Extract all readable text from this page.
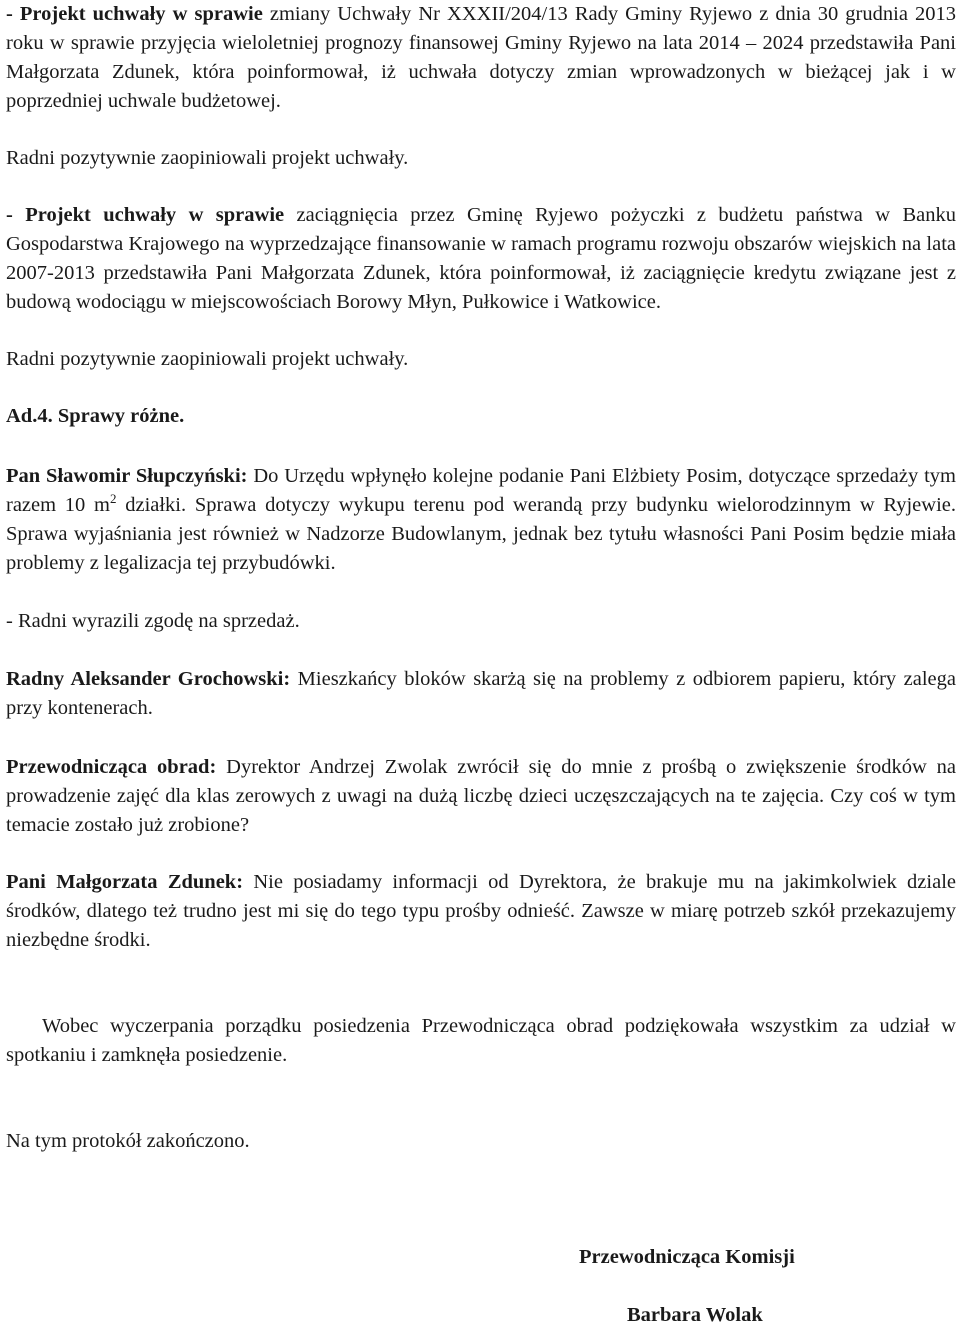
- Projekt uchwały w sprawie zmiany Uchwały Nr XXXII/204/13 Rady Gminy Ryjewo z dnia 30 grudnia 2013 roku w sprawie przyjęcia wieloletniej prognozy finansowej Gminy Ryjewo na lata 2014 – 2024 przedstawiła Pani Małgorzata Zdunek, która poinformował, iż uchwała dotyczy zmian wprowadzonych w bieżącej jak i w poprzedniej uchwale budżetowej.

Radni pozytywnie zaopiniowali projekt uchwały.

- Projekt uchwały w sprawie zaciągnięcia przez Gminę Ryjewo pożyczki z budżetu państwa w Banku Gospodarstwa Krajowego na wyprzedzające finansowanie w ramach programu rozwoju obszarów wiejskich na lata 2007-2013 przedstawiła Pani Małgorzata Zdunek, która poinformował, iż zaciągnięcie kredytu związane jest z budową wodociągu w miejscowościach Borowy Młyn, Pułkowice i Watkowice.

Radni pozytywnie zaopiniowali projekt uchwały.

Ad.4. Sprawy różne.

Pan Sławomir Słupczyński: Do Urzędu wpłynęło kolejne podanie Pani Elżbiety Posim, dotyczące sprzedaży tym razem 10 $m^2$ działki. Sprawa dotyczy wykupu terenu pod werandą przy budynku wielorodzinnym w Ryjewie. Sprawa wyjaśniania jest również w Nadzorze Budowlanym, jednak bez tytułu własności Pani Posim będzie miała problemy z legalizacja tej przybudówki.

- Radni wyrazili zgodę na sprzedaż.

Radny Aleksander Grochowski: Mieszkańcy bloków skarżą się na problemy z odbiorem papieru, który zalega przy kontenerach.

Przewodnicząca obrad: Dyrektor Andrzej Zwolak zwrócił się do mnie z prośbą o zwiększenie środków na prowadzenie zajęć dla klas zerowych z uwagi na dużą liczbę dzieci uczęszczających na te zajęcia. Czy coś w tym temacie zostało już zrobione?

Pani Małgorzata Zdunek: Nie posiadamy informacji od Dyrektora, że brakuje mu na jakimkolwiek dziale środków, dlatego też trudno jest mi się do tego typu prośby odnieść. Zawsze w miarę potrzeb szkół przekazujemy niezbędne środki.

Wobec wyczerpania porządku posiedzenia Przewodnicząca obrad podziękowała wszystkim za udział w spotkaniu i zamknęła posiedzenie.

Na tym protokół zakończono.

Przewodnicząca Komisji
Barbara Wolak
